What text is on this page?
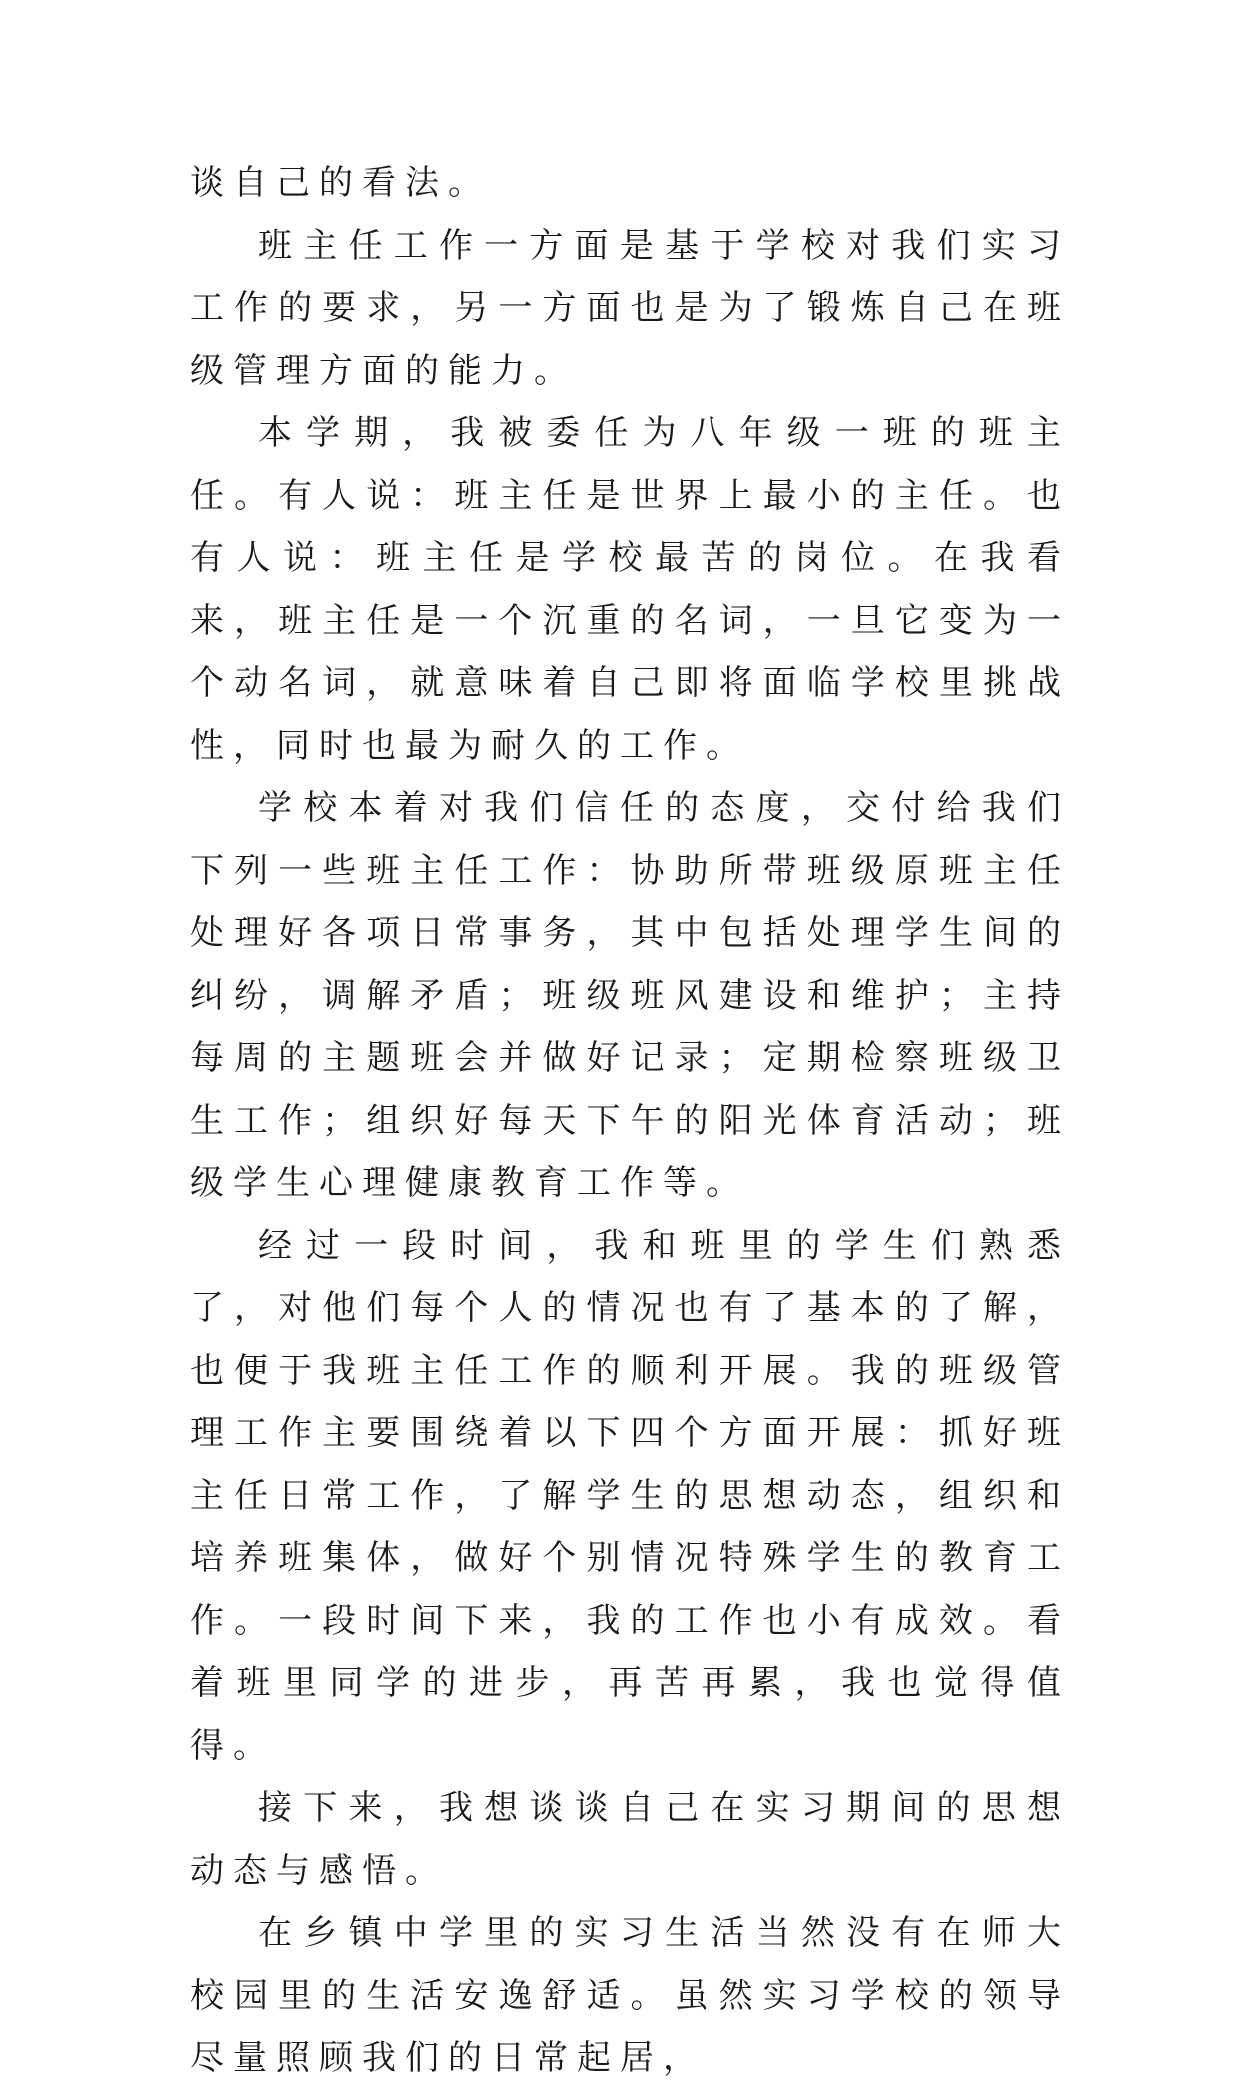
谈自己的看法。

班主任工作一方面是基于学校对我们实习工作的要求，另一方面也是为了锻炼自己在班级管理方面的能力。

本学期，我被委任为八年级一班的班主任。有人说：班主任是世界上最小的主任。也有人说：班主任是学校最苦的岗位。在我看来，班主任是一个沉重的名词，一旦它变为一个动名词，就意味着自己即将面临学校里挑战性，同时也最为耐久的工作。

学校本着对我们信任的态度，交付给我们下列一些班主任工作：协助所带班级原班主任处理好各项日常事务，其中包括处理学生间的纠纷，调解矛盾；班级班风建设和维护；主持每周的主题班会并做好记录；定期检察班级卫生工作；组织好每天下午的阳光体育活动；班级学生心理健康教育工作等。

经过一段时间，我和班里的学生们熟悉了，对他们每个人的情况也有了基本的了解，也便于我班主任工作的顺利开展。我的班级管理工作主要围绕着以下四个方面开展：抓好班主任日常工作，了解学生的思想动态，组织和培养班集体，做好个别情况特殊学生的教育工作。一段时间下来，我的工作也小有成效。看着班里同学的进步，再苦再累，我也觉得值得。

接下来，我想谈谈自己在实习期间的思想动态与感悟。

在乡镇中学里的实习生活当然没有在师大校园里的生活安逸舒适。虽然实习学校的领导尽量照顾我们的日常起居，
